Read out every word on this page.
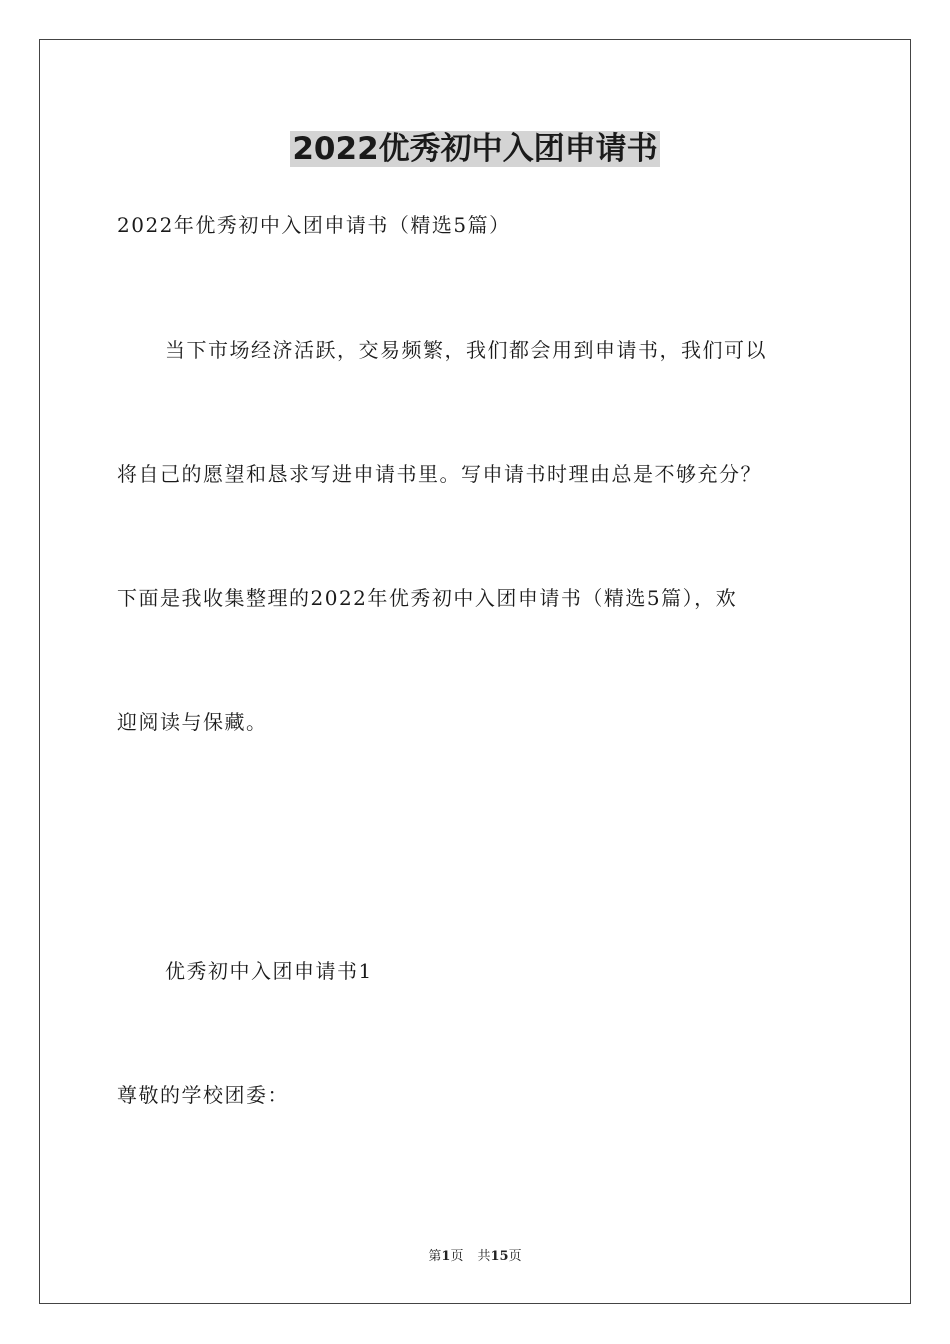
2022优秀初中入团申请书
2022年优秀初中入团申请书（精选5篇）
当下市场经济活跃，交易频繁，我们都会用到申请书，我们可以
将自己的愿望和恳求写进申请书里。写申请书时理由总是不够充分？
下面是我收集整理的2022年优秀初中入团申请书（精选5篇），欢
迎阅读与保藏。
优秀初中入团申请书1
尊敬的学校团委：
第1页 共15页
